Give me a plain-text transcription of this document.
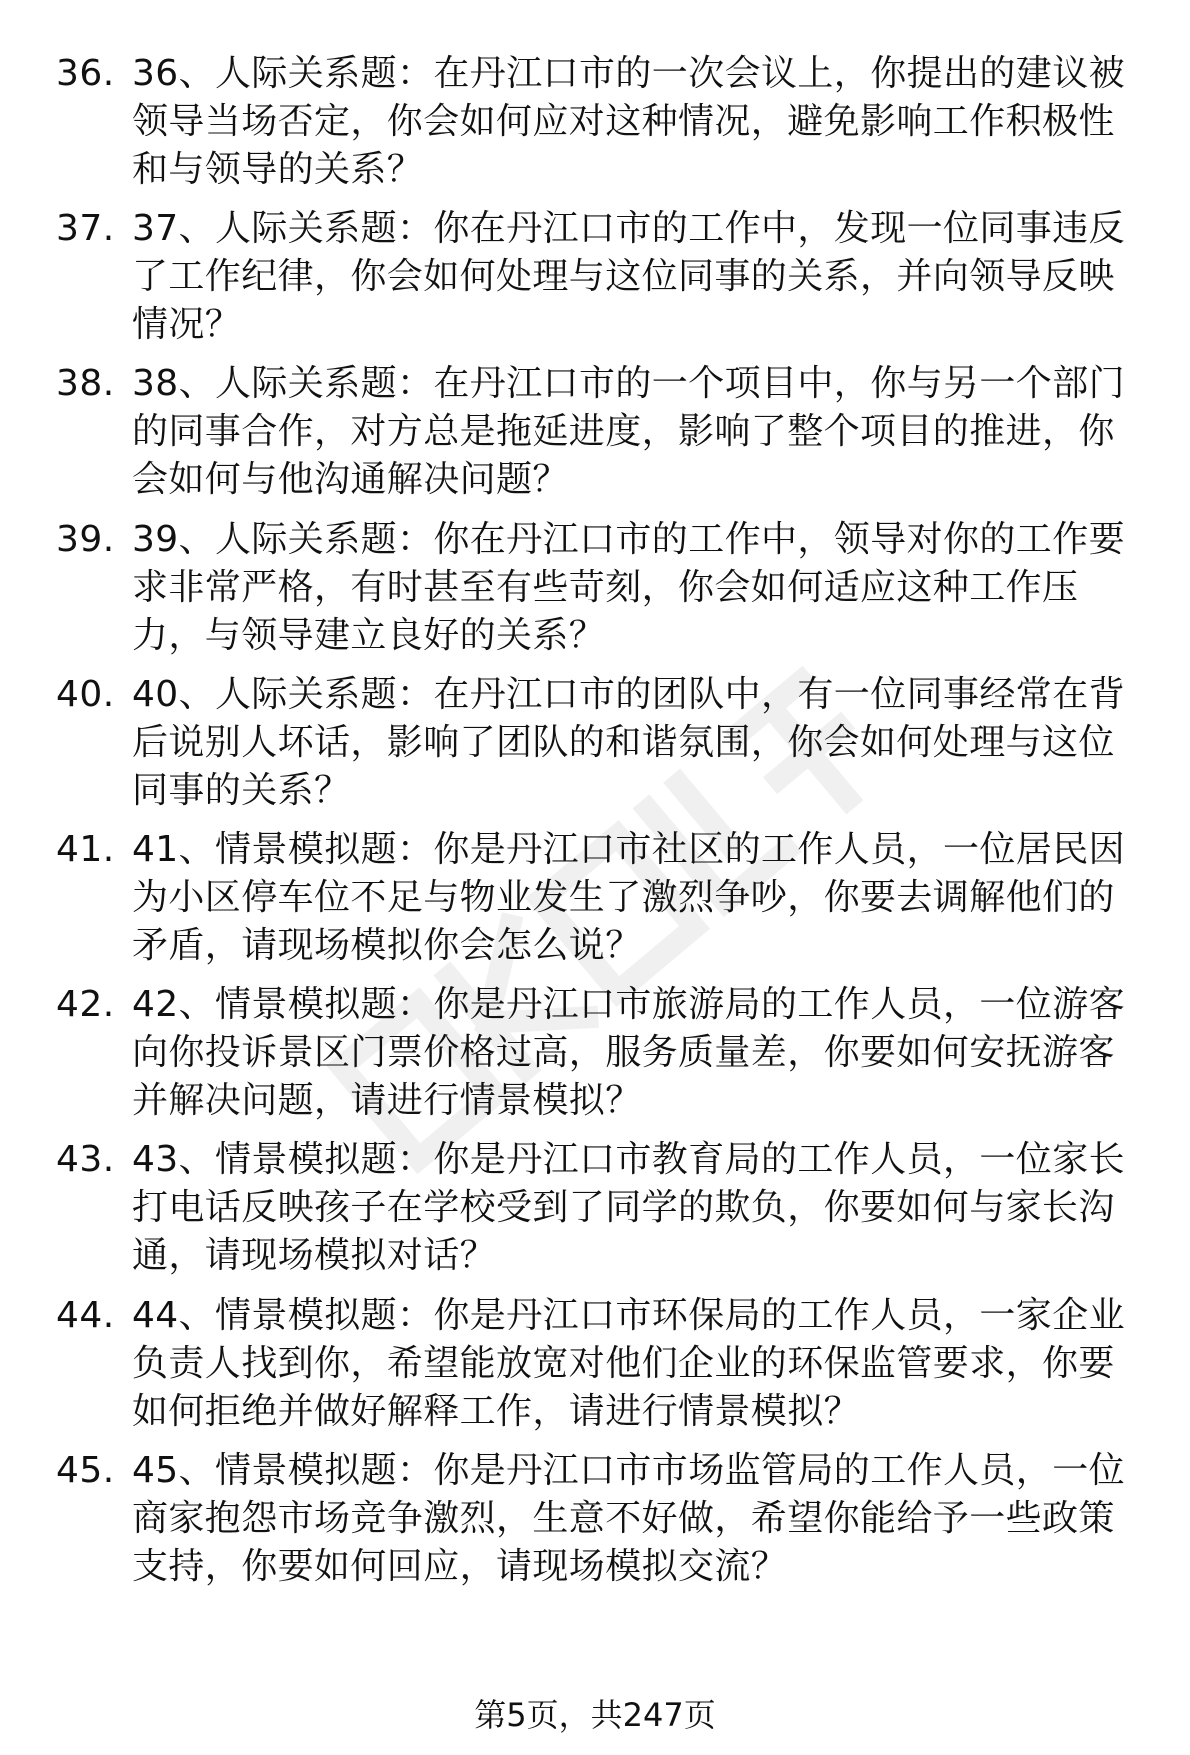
36. 36、人际关系题：在丹江口市的一次会议上，你提出的建议被领导当场否定，你会如何应对这种情况，避免影响工作积极性和与领导的关系？
37. 37、人际关系题：你在丹江口市的工作中，发现一位同事违反了工作纪律，你会如何处理与这位同事的关系，并向领导反映情况？
38. 38、人际关系题：在丹江口市的一个项目中，你与另一个部门的同事合作，对方总是拖延进度，影响了整个项目的推进，你会如何与他沟通解决问题？
39. 39、人际关系题：你在丹江口市的工作中，领导对你的工作要求非常严格，有时甚至有些苛刻，你会如何适应这种工作压力，与领导建立良好的关系？
40. 40、人际关系题：在丹江口市的团队中，有一位同事经常在背后说别人坏话，影响了团队的和谐氛围，你会如何处理与这位同事的关系？
41. 41、情景模拟题：你是丹江口市社区的工作人员，一位居民因为小区停车位不足与物业发生了激烈争吵，你要去调解他们的矛盾，请现场模拟你会怎么说？
42. 42、情景模拟题：你是丹江口市旅游局的工作人员，一位游客向你投诉景区门票价格过高，服务质量差，你要如何安抚游客并解决问题，请进行情景模拟？
43. 43、情景模拟题：你是丹江口市教育局的工作人员，一位家长打电话反映孩子在学校受到了同学的欺负，你要如何与家长沟通，请现场模拟对话？
44. 44、情景模拟题：你是丹江口市环保局的工作人员，一家企业负责人找到你，希望能放宽对他们企业的环保监管要求，你要如何拒绝并做好解释工作，请进行情景模拟？
45. 45、情景模拟题：你是丹江口市市场监管局的工作人员，一位商家抱怨市场竞争激烈，生意不好做，希望你能给予一些政策支持，你要如何回应，请现场模拟交流？
第5页，共247页
